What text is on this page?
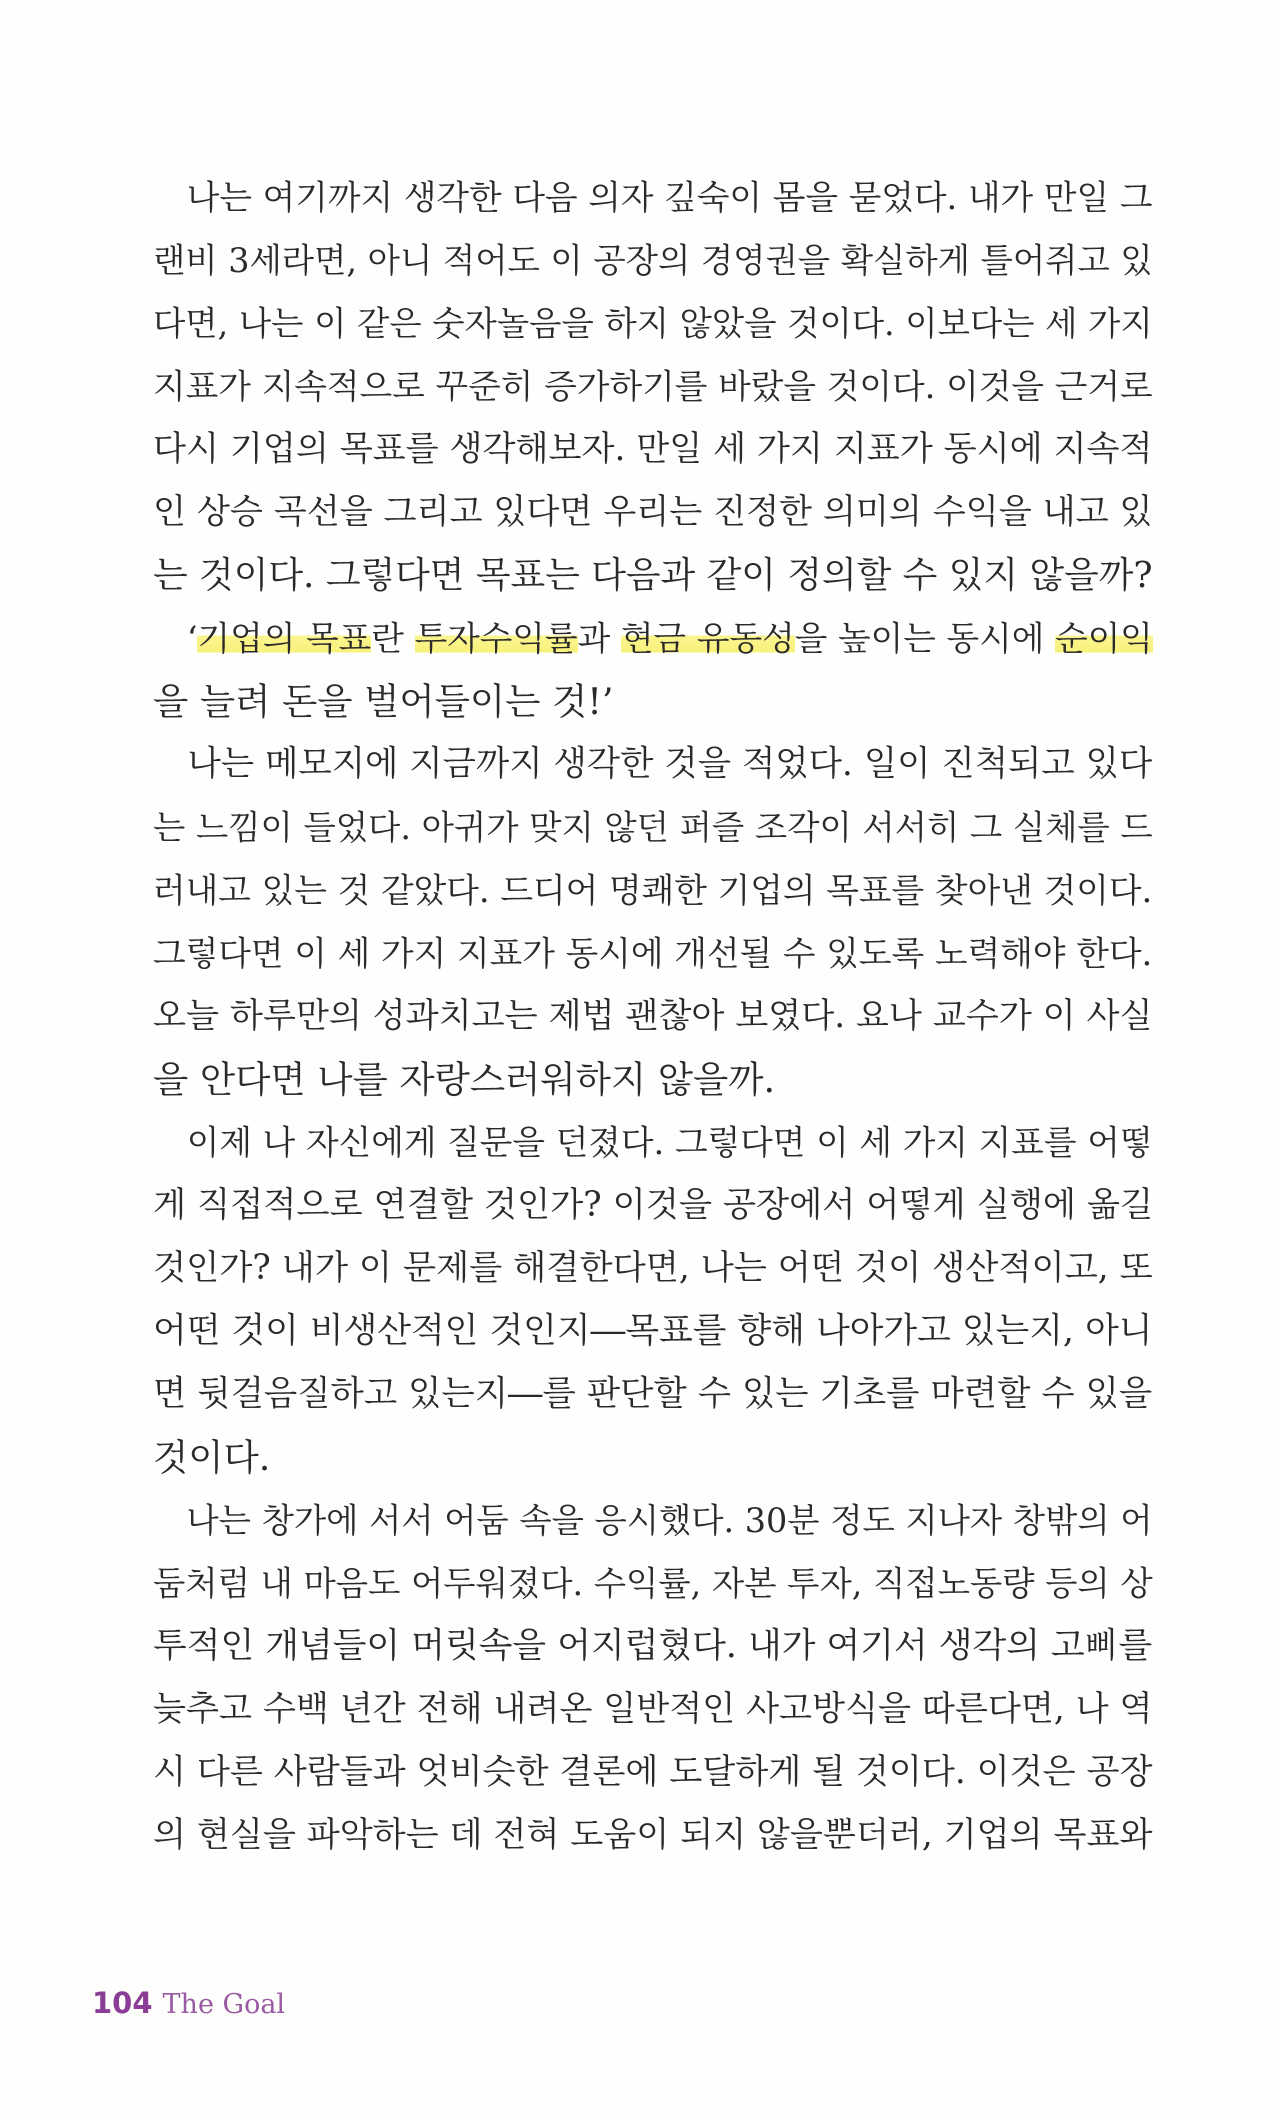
　나는 여기까지 생각한 다음 의자 깊숙이 몸을 묻었다. 내가 만일 그
랜비 3세라면, 아니 적어도 이 공장의 경영권을 확실하게 틀어쥐고 있
다면, 나는 이 같은 숫자놀음을 하지 않았을 것이다. 이보다는 세 가지
지표가 지속적으로 꾸준히 증가하기를 바랐을 것이다. 이것을 근거로
다시 기업의 목표를 생각해보자. 만일 세 가지 지표가 동시에 지속적
인 상승 곡선을 그리고 있다면 우리는 진정한 의미의 수익을 내고 있
는 것이다. 그렇다면 목표는 다음과 같이 정의할 수 있지 않을까?
　‘기업의 목표란 투자수익률과 현금 유동성을 높이는 동시에 순이익
을 늘려 돈을 벌어들이는 것!’
　나는 메모지에 지금까지 생각한 것을 적었다. 일이 진척되고 있다
는 느낌이 들었다. 아귀가 맞지 않던 퍼즐 조각이 서서히 그 실체를 드
러내고 있는 것 같았다. 드디어 명쾌한 기업의 목표를 찾아낸 것이다.
그렇다면 이 세 가지 지표가 동시에 개선될 수 있도록 노력해야 한다.
오늘 하루만의 성과치고는 제법 괜찮아 보였다. 요나 교수가 이 사실
을 안다면 나를 자랑스러워하지 않을까.
　이제 나 자신에게 질문을 던졌다. 그렇다면 이 세 가지 지표를 어떻
게 직접적으로 연결할 것인가? 이것을 공장에서 어떻게 실행에 옮길
것인가? 내가 이 문제를 해결한다면, 나는 어떤 것이 생산적이고, 또
어떤 것이 비생산적인 것인지―목표를 향해 나아가고 있는지, 아니
면 뒷걸음질하고 있는지―를 판단할 수 있는 기초를 마련할 수 있을
것이다.
　나는 창가에 서서 어둠 속을 응시했다. 30분 정도 지나자 창밖의 어
둠처럼 내 마음도 어두워졌다. 수익률, 자본 투자, 직접노동량 등의 상
투적인 개념들이 머릿속을 어지럽혔다. 내가 여기서 생각의 고삐를
늦추고 수백 년간 전해 내려온 일반적인 사고방식을 따른다면, 나 역
시 다른 사람들과 엇비슷한 결론에 도달하게 될 것이다. 이것은 공장
의 현실을 파악하는 데 전혀 도움이 되지 않을뿐더러, 기업의 목표와
104 The Goal
